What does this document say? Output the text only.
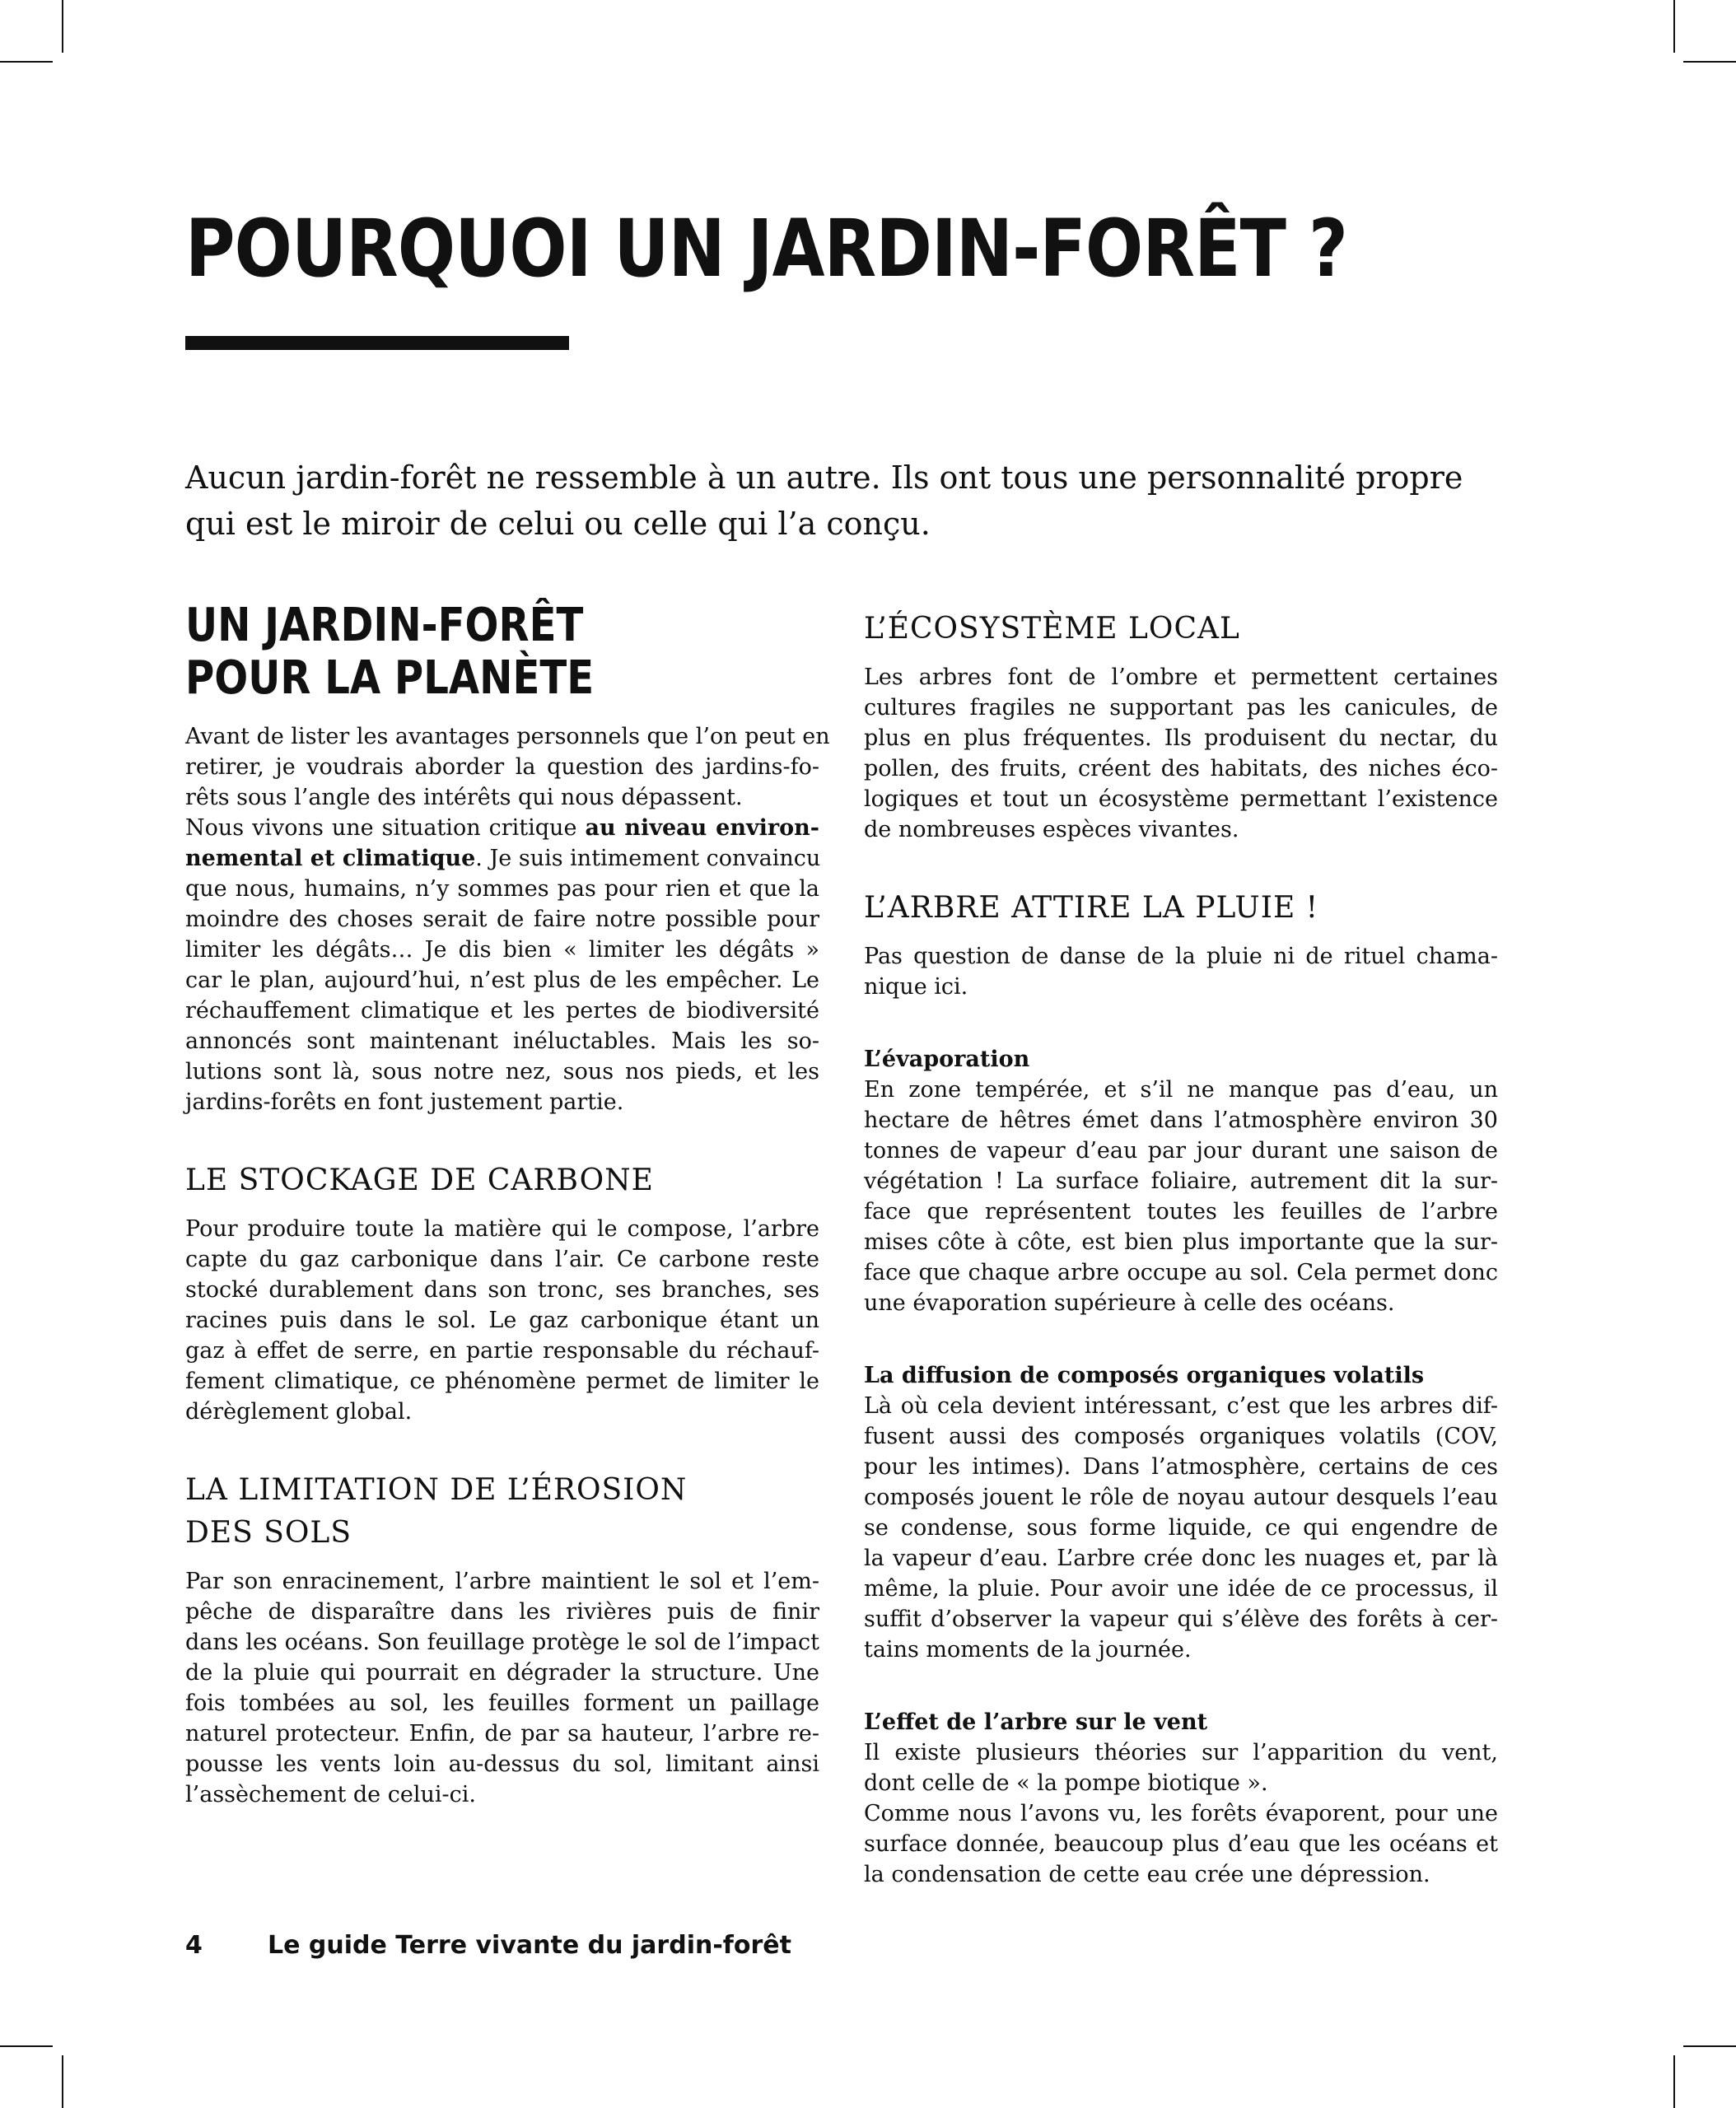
POURQUOI UN JARDIN-FORÊT ?

Aucun jardin-forêt ne ressemble à un autre. Ils ont tous une personnalité propre
qui est le miroir de celui ou celle qui l’a conçu.

UN JARDIN-FORÊT
POUR LA PLANÈTE

Avant de lister les avantages personnels que l’on peut en
retirer, je voudrais aborder la question des jardins-fo-
rêts sous l’angle des intérêts qui nous dépassent.
Nous vivons une situation critique au niveau environ-
nemental et climatique. Je suis intimement convaincu
que nous, humains, n’y sommes pas pour rien et que la
moindre des choses serait de faire notre possible pour
limiter les dégâts… Je dis bien « limiter les dégâts »
car le plan, aujourd’hui, n’est plus de les empêcher. Le
réchauffement climatique et les pertes de biodiversité
annoncés sont maintenant inéluctables. Mais les so-
lutions sont là, sous notre nez, sous nos pieds, et les
jardins-forêts en font justement partie.

LE STOCKAGE DE CARBONE

Pour produire toute la matière qui le compose, l’arbre
capte du gaz carbonique dans l’air. Ce carbone reste
stocké durablement dans son tronc, ses branches, ses
racines puis dans le sol. Le gaz carbonique étant un
gaz à effet de serre, en partie responsable du réchauf-
fement climatique, ce phénomène permet de limiter le
dérèglement global.

LA LIMITATION DE L’ÉROSION
DES SOLS

Par son enracinement, l’arbre maintient le sol et l’em-
pêche de disparaître dans les rivières puis de finir
dans les océans. Son feuillage protège le sol de l’impact
de la pluie qui pourrait en dégrader la structure. Une
fois tombées au sol, les feuilles forment un paillage
naturel protecteur. Enfin, de par sa hauteur, l’arbre re-
pousse les vents loin au-dessus du sol, limitant ainsi
l’assèchement de celui-ci.

L’ÉCOSYSTÈME LOCAL

Les arbres font de l’ombre et permettent certaines
cultures fragiles ne supportant pas les canicules, de
plus en plus fréquentes. Ils produisent du nectar, du
pollen, des fruits, créent des habitats, des niches éco-
logiques et tout un écosystème permettant l’existence
de nombreuses espèces vivantes.

L’ARBRE ATTIRE LA PLUIE !

Pas question de danse de la pluie ni de rituel chama-
nique ici.

L’évaporation
En zone tempérée, et s’il ne manque pas d’eau, un
hectare de hêtres émet dans l’atmosphère environ 30
tonnes de vapeur d’eau par jour durant une saison de
végétation ! La surface foliaire, autrement dit la sur-
face que représentent toutes les feuilles de l’arbre
mises côte à côte, est bien plus importante que la sur-
face que chaque arbre occupe au sol. Cela permet donc
une évaporation supérieure à celle des océans.

La diffusion de composés organiques volatils
Là où cela devient intéressant, c’est que les arbres dif-
fusent aussi des composés organiques volatils (COV,
pour les intimes). Dans l’atmosphère, certains de ces
composés jouent le rôle de noyau autour desquels l’eau
se condense, sous forme liquide, ce qui engendre de
la vapeur d’eau. L’arbre crée donc les nuages et, par là
même, la pluie. Pour avoir une idée de ce processus, il
suffit d’observer la vapeur qui s’élève des forêts à cer-
tains moments de la journée.

L’effet de l’arbre sur le vent
Il existe plusieurs théories sur l’apparition du vent,
dont celle de « la pompe biotique ».
Comme nous l’avons vu, les forêts évaporent, pour une
surface donnée, beaucoup plus d’eau que les océans et
la condensation de cette eau crée une dépression.

4	Le guide Terre vivante du jardin-forêt
